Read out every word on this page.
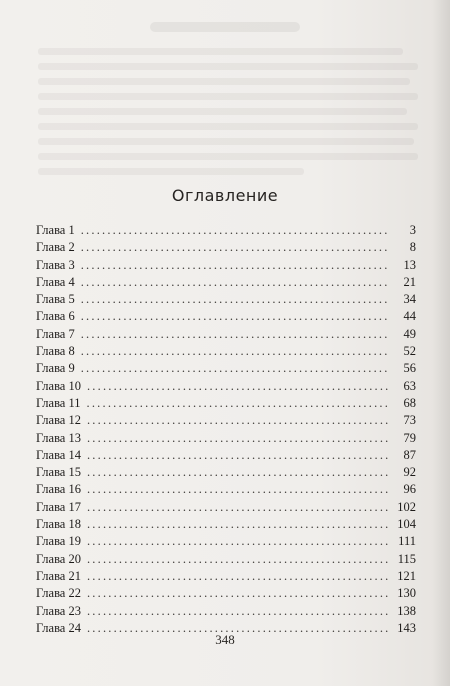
Оглавление
Глава 1 .....	3
Глава 2 .....	8
Глава 3 .....	13
Глава 4 .....	21
Глава 5 .....	34
Глава 6 .....	44
Глава 7 .....	49
Глава 8 .....	52
Глава 9 .....	56
Глава 10 .....	63
Глава 11 .....	68
Глава 12 .....	73
Глава 13 .....	79
Глава 14 .....	87
Глава 15 .....	92
Глава 16 .....	96
Глава 17 .....	102
Глава 18 .....	104
Глава 19 .....	111
Глава 20 .....	115
Глава 21 .....	121
Глава 22 .....	130
Глава 23 .....	138
Глава 24 .....	143
348
